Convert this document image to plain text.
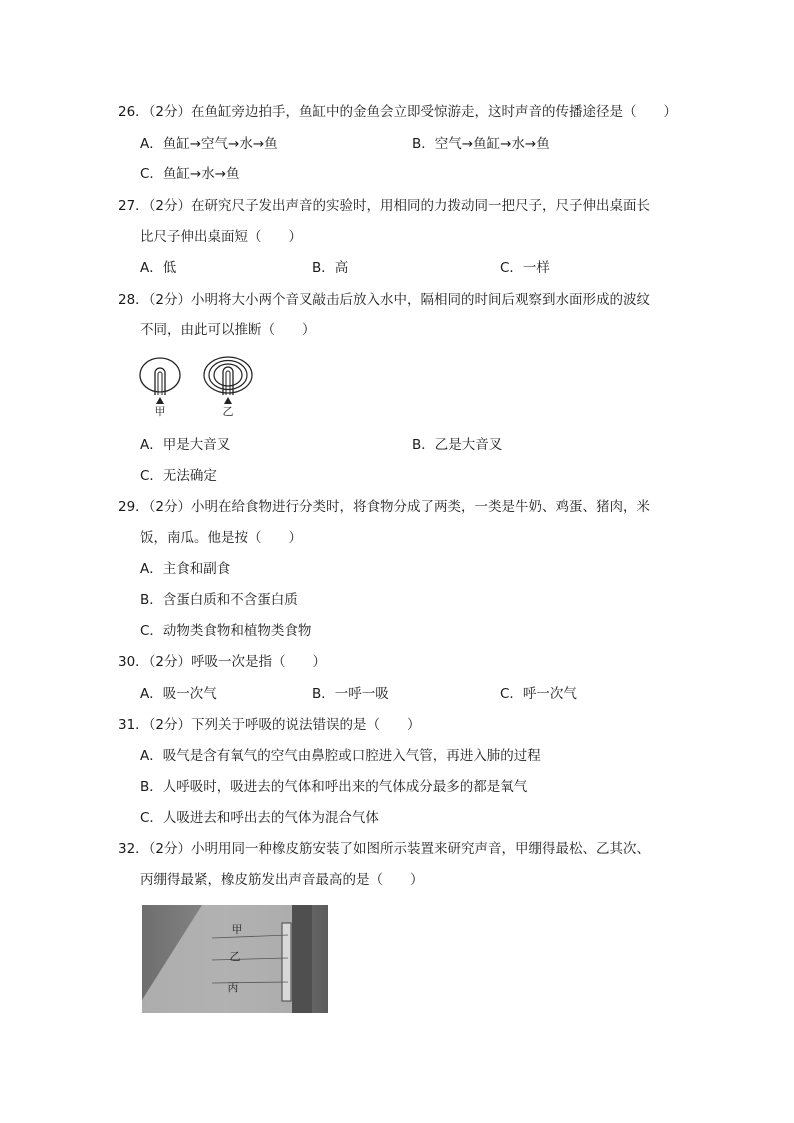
26．（2分）在鱼缸旁边拍手，鱼缸中的金鱼会立即受惊游走，这时声音的传播途径是（　　）
A．鱼缸→空气→水→鱼	B．空气→鱼缸→水→鱼
C．鱼缸→水→鱼
27．（2分）在研究尺子发出声音的实验时，用相同的力拨动同一把尺子，尺子伸出桌面长
比尺子伸出桌面短（　　）
A．低	B．高	C．一样
28．（2分）小明将大小两个音叉敲击后放入水中，隔相同的时间后观察到水面形成的波纹
不同，由此可以推断（　　）
甲	乙
A．甲是大音叉	B．乙是大音叉
C．无法确定
29．（2分）小明在给食物进行分类时，将食物分成了两类，一类是牛奶、鸡蛋、猪肉，米
饭，南瓜。他是按（　　）
A．主食和副食
B．含蛋白质和不含蛋白质
C．动物类食物和植物类食物
30．（2分）呼吸一次是指（　　）
A．吸一次气	B．一呼一吸	C．呼一次气
31．（2分）下列关于呼吸的说法错误的是（　　）
A．吸气是含有氧气的空气由鼻腔或口腔进入气管，再进入肺的过程
B．人呼吸时，吸进去的气体和呼出来的气体成分最多的都是氧气
C．人吸进去和呼出去的气体为混合气体
32．（2分）小明用同一种橡皮筋安装了如图所示装置来研究声音，甲绷得最松、乙其次、
丙绷得最紧，橡皮筋发出声音最高的是（　　）
甲
乙
丙
